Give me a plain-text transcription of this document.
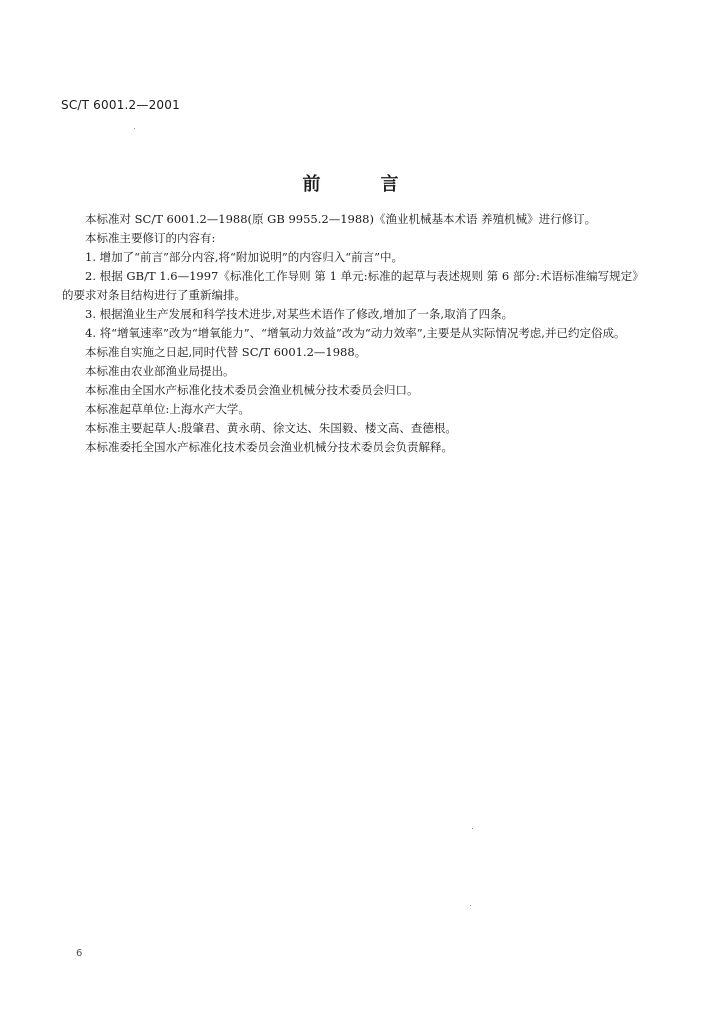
SC/T 6001.2—2001
前言

本标准对 SC/T 6001.2—1988(原 GB 9955.2—1988)《渔业机械基本术语 养殖机械》进行修订。

本标准主要修订的内容有:

1. 增加了“前言”部分内容,将“附加说明”的内容归入“前言”中。

2. 根据 GB/T 1.6—1997《标准化工作导则 第 1 单元:标准的起草与表述规则 第 6 部分:术语标准编写规定》的要求对条目结构进行了重新编排。

3. 根据渔业生产发展和科学技术进步,对某些术语作了修改,增加了一条,取消了四条。

4. 将“增氧速率”改为“增氧能力”、“增氧动力效益”改为“动力效率”,主要是从实际情况考虑,并已约定俗成。

本标准自实施之日起,同时代替 SC/T 6001.2—1988。

本标准由农业部渔业局提出。

本标准由全国水产标准化技术委员会渔业机械分技术委员会归口。

本标准起草单位:上海水产大学。

本标准主要起草人:殷肇君、黄永萌、徐文达、朱国毅、楼文高、查德根。

本标准委托全国水产标准化技术委员会渔业机械分技术委员会负责解释。

6
